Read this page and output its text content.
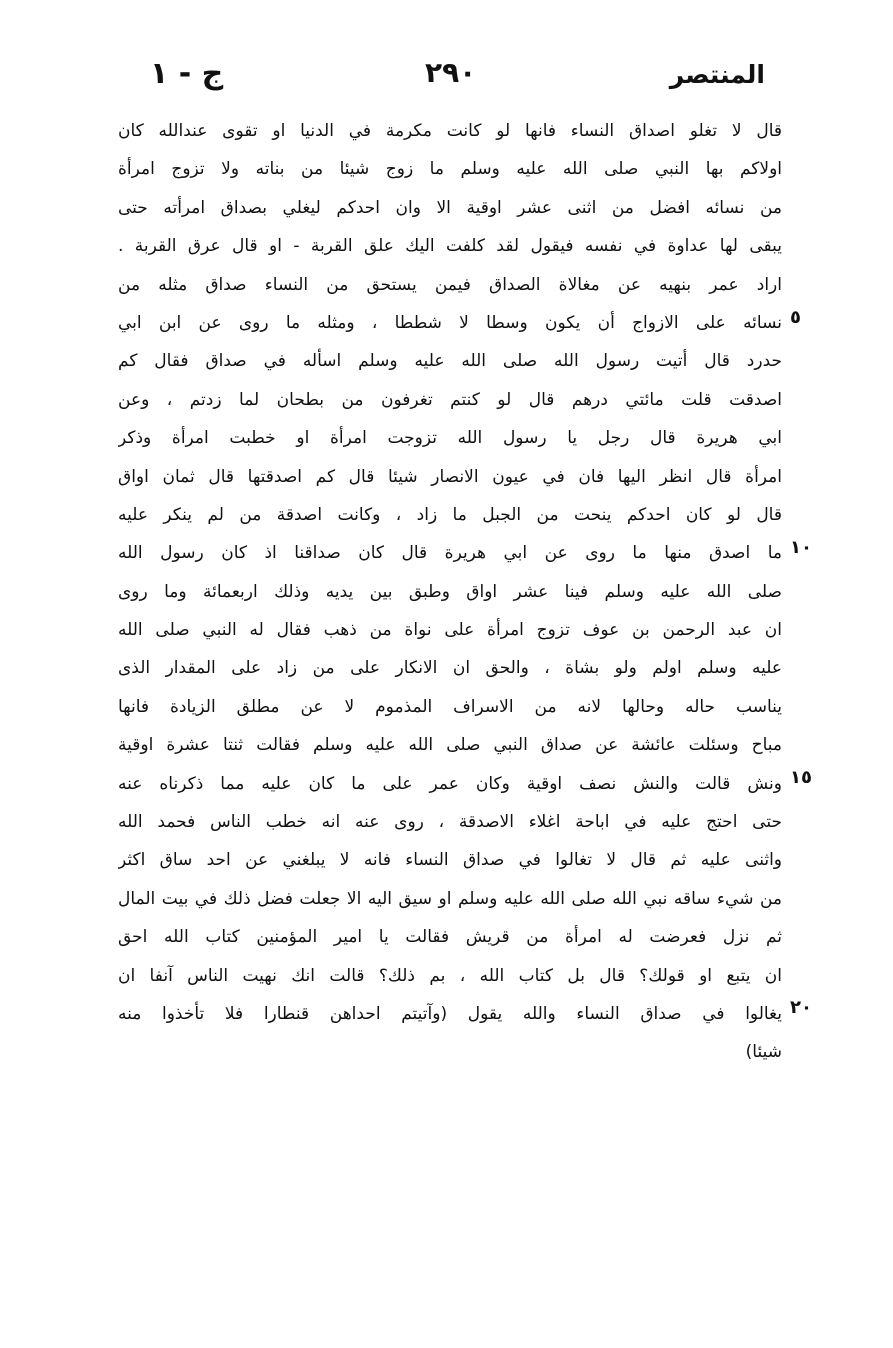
ج - ١	٢٩٠	المنتصر
٥
١٠
١٥
٢٠
قال لا تغلو اصداق النساء فانها لو كانت مكرمة في الدنيا او تقوى عندالله كان
اولاكم بها النبي صلى الله عليه وسلم ما زوج شيئا من بناته ولا تزوج امرأة
من نسائه افضل من اثنى عشر اوقية الا وان احدكم ليغلي بصداق امرأته حتى
يبقى لها عداوة في نفسه فيقول لقد كلفت اليك علق القربة - او قال عرق القربة .
اراد عمر بنهيه عن مغالاة الصداق فيمن يستحق من النساء صداق مثله من
نسائه على الازواج أن يكون وسطا لا شططا ، ومثله ما روى عن ابن ابي
حدرد قال أتيت رسول الله صلى الله عليه وسلم اسأله في صداق فقال كم
اصدقت قلت مائتي درهم قال لو كنتم تغرفون من بطحان لما زدتم ، وعن
ابي هريرة قال رجل يا رسول الله تزوجت امرأة او خطبت امرأة وذكر
امرأة قال انظر اليها فان في عيون الانصار شيئا قال كم اصدقتها قال ثمان اواق
قال لو كان احدكم ينحت من الجبل ما زاد ، وكانت اصدقة من لم ينكر عليه
ما اصدق منها ما روى عن ابي هريرة قال كان صداقنا اذ كان رسول الله
صلى الله عليه وسلم فينا عشر اواق وطبق بين يديه وذلك اربعمائة وما روى
ان عبد الرحمن بن عوف تزوج امرأة على نواة من ذهب فقال له النبي صلى الله
عليه وسلم اولم ولو بشاة ، والحق ان الانكار على من زاد على المقدار الذى
يناسب حاله وحالها لانه من الاسراف المذموم لا عن مطلق الزيادة فانها
مباح وسئلت عائشة عن صداق النبي صلى الله عليه وسلم فقالت ثنتا عشرة اوقية
ونش قالت والنش نصف اوقية وكان عمر على ما كان عليه مما ذكرناه عنه
حتى احتج عليه في اباحة اغلاء الاصدقة ، روى عنه انه خطب الناس فحمد الله
واثنى عليه ثم قال لا تغالوا في صداق النساء فانه لا يبلغني عن احد ساق اكثر
من شيء ساقه نبي الله صلى الله عليه وسلم او سيق اليه الا جعلت فضل ذلك في بيت المال
ثم نزل فعرضت له امرأة من قريش فقالت يا امير المؤمنين كتاب الله احق
ان يتبع او قولك؟ قال بل كتاب الله ، بم ذلك؟ قالت انك نهيت الناس آنفا ان
يغالوا في صداق النساء والله يقول (وآتيتم احداهن قنطارا فلا تأخذوا منه
شيئا)
